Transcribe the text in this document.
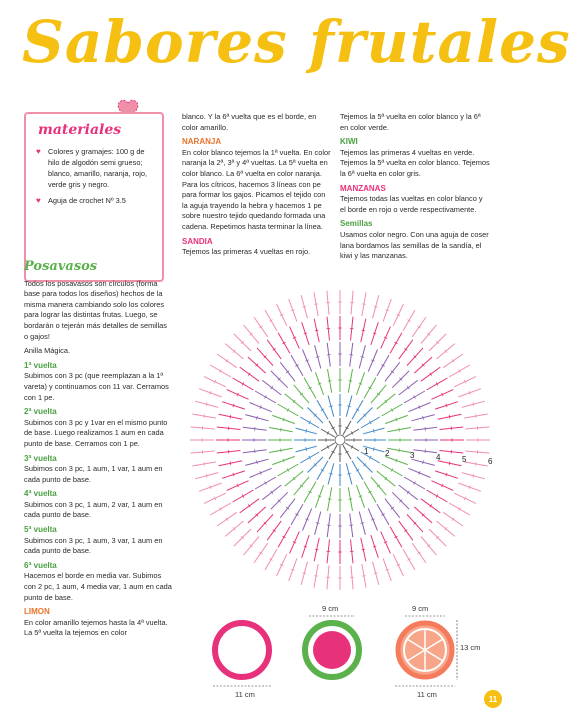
Sabores frutales
materiales
♥ Colores y gramajes: 100 g de hilo de algodón semi grueso; blanco, amarillo, naranja, rojo, verde gris y negro.
♥ Aguja de crochet Nº 3.5
Posavasos

Todos los posavasos son círculos (forma base para todos los diseños) hechos de la misma manera cambiando solo los colores para lograr las distintas frutas. Luego, se bordarán o tejerán más detalles de semillas o gajos!

Anilla Mágica.

1ª vuelta

Subimos con 3 pc (que reemplazan a la 1ª vareta) y continuamos con 11 var. Cerramos con 1 pe.

2ª vuelta

Subimos con 3 pc y 1var en el mismo punto de base. Luego realizamos 1 aum en cada punto de base. Cerramos con 1 pe.

3ª vuelta

Subimos con 3 pc, 1 aum, 1 var, 1 aum en cada punto de base.

4ª vuelta

Subimos con 3 pc, 1 aum, 2 var, 1 aum en cada punto de base.

5ª vuelta

Subimos con 3 pc, 1 aum, 3 var, 1 aum en cada punto de base.

6ª vuelta

Hacemos el borde en media var. Subimos con 2 pc, 1 aum, 4 media var, 1 aum en cada punto de base.

LIMON

En color amarillo tejemos hasta la 4ª vuelta. La 5ª vuelta la tejemos en color

blanco. Y la 6ª vuelta que es el borde, en color amarillo.

NARANJA

En color blanco tejemos la 1ª vuelta. En color naranja la 2ª, 3ª y 4ª vueltas. La 5ª vuelta en color blanco. La 6ª vuelta en color naranja. Para los cítricos, hacemos 3 líneas con pe para formar los gajos. Picamos el tejido con la aguja trayendo la hebra y hacemos 1 pe sobre nuestro tejido quedando formada una cadena. Repetimos hasta terminar la línea.

SANDIA

Tejemos las primeras 4 vueltas en rojo.

Tejemos la 5ª vuelta en color blanco y la 6ª en color verde.

KIWI

Tejemos las primeras 4 vueltas en verde. Tejemos la 5ª vuelta en color blanco. Tejemos la 6ª vuelta en color gris.

MANZANAS

Tejemos todas las vueltas en color blanco y el borde en rojo o verde respectivamente.

Semillas

Usamos color negro. Con una aguja de coser lana bordamos las semillas de la sandía, el kiwi y las manzanas.

1 2	3	4	5	6
9 cm	9 cm
13 cm
11 cm	11 cm	11
